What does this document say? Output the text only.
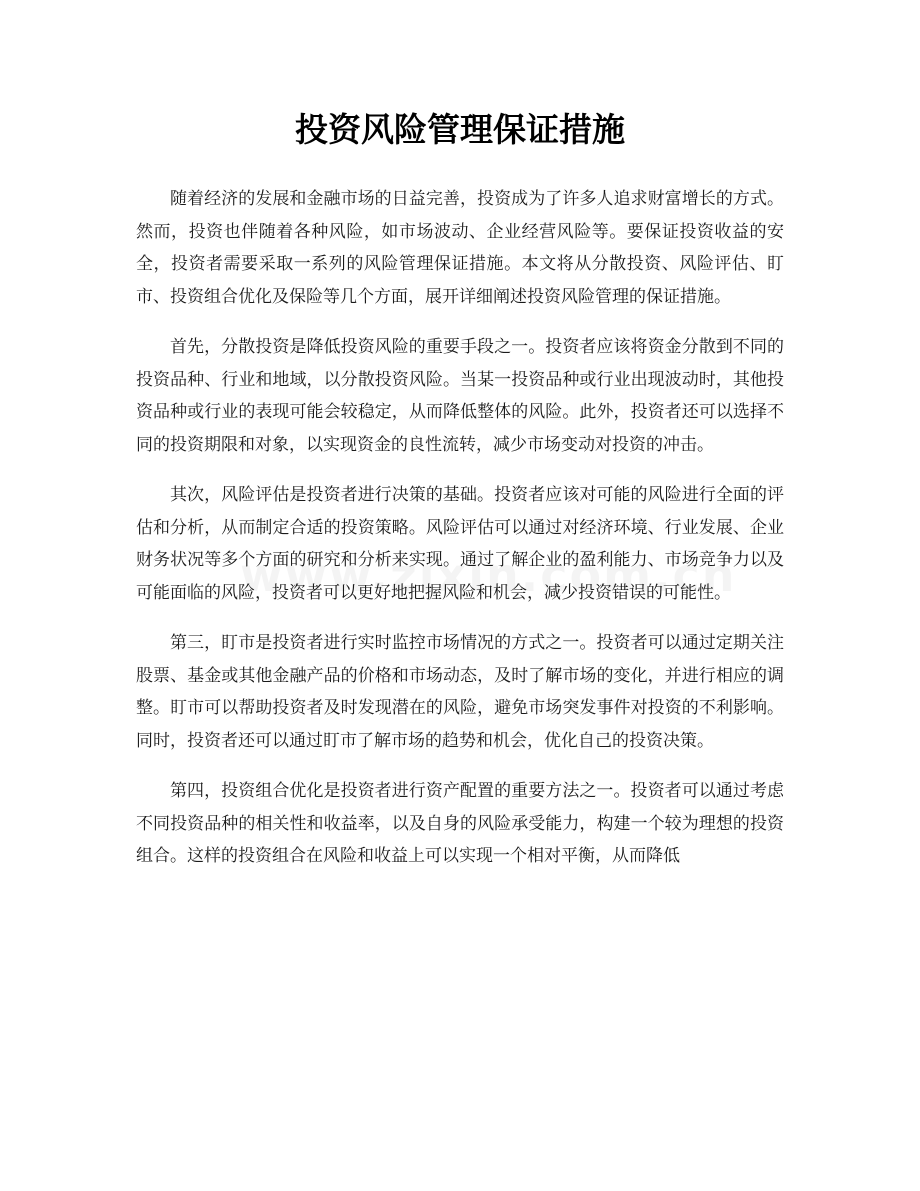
投资风险管理保证措施

随着经济的发展和金融市场的日益完善，投资成为了许多人追求财富增长的方式。然而，投资也伴随着各种风险，如市场波动、企业经营风险等。要保证投资收益的安全，投资者需要采取一系列的风险管理保证措施。本文将从分散投资、风险评估、盯市、投资组合优化及保险等几个方面，展开详细阐述投资风险管理的保证措施。

首先，分散投资是降低投资风险的重要手段之一。投资者应该将资金分散到不同的投资品种、行业和地域，以分散投资风险。当某一投资品种或行业出现波动时，其他投资品种或行业的表现可能会较稳定，从而降低整体的风险。此外，投资者还可以选择不同的投资期限和对象，以实现资金的良性流转，减少市场变动对投资的冲击。

其次，风险评估是投资者进行决策的基础。投资者应该对可能的风险进行全面的评估和分析，从而制定合适的投资策略。风险评估可以通过对经济环境、行业发展、企业财务状况等多个方面的研究和分析来实现。通过了解企业的盈利能力、市场竞争力以及可能面临的风险，投资者可以更好地把握风险和机会，减少投资错误的可能性。

第三，盯市是投资者进行实时监控市场情况的方式之一。投资者可以通过定期关注股票、基金或其他金融产品的价格和市场动态，及时了解市场的变化，并进行相应的调整。盯市可以帮助投资者及时发现潜在的风险，避免市场突发事件对投资的不利影响。同时，投资者还可以通过盯市了解市场的趋势和机会，优化自己的投资决策。

第四，投资组合优化是投资者进行资产配置的重要方法之一。投资者可以通过考虑不同投资品种的相关性和收益率，以及自身的风险承受能力，构建一个较为理想的投资组合。这样的投资组合在风险和收益上可以实现一个相对平衡，从而降低
